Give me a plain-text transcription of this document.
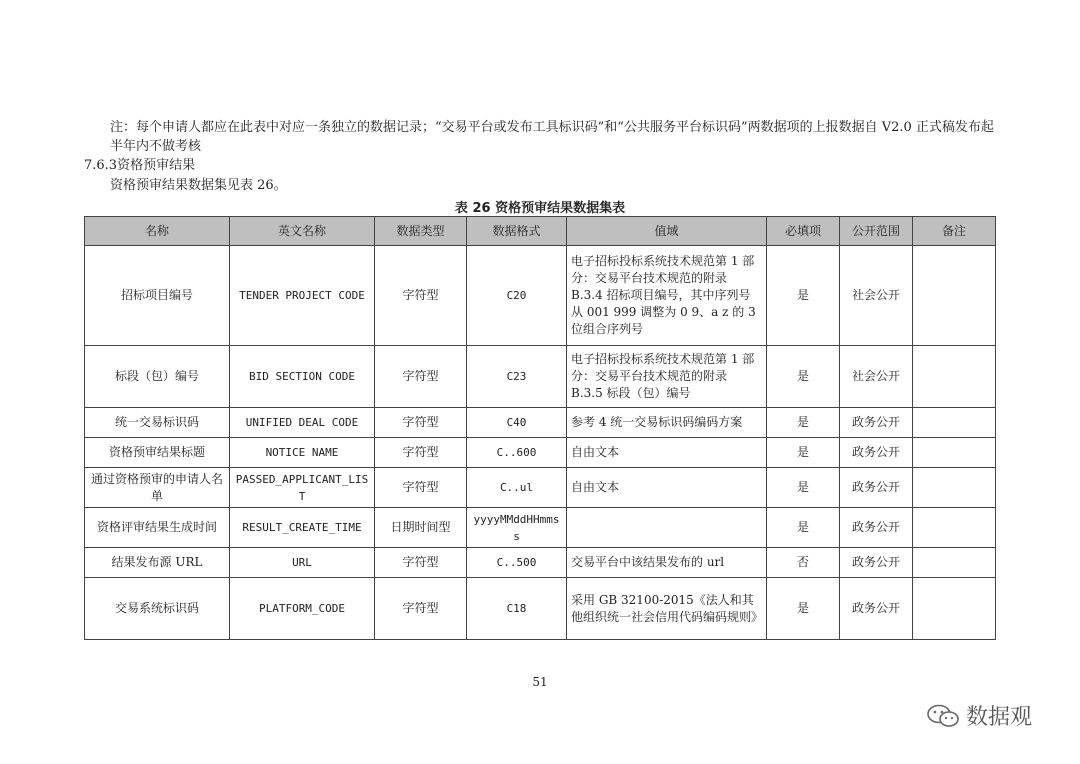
注：每个申请人都应在此表中对应一条独立的数据记录；“交易平台或发布工具标识码”和“公共服务平台标识码”两数据项的上报数据自 V2.0 正式稿发布起半年内不做考核

7.6.3资格预审结果

资格预审结果数据集见表 26。

表 26 资格预审结果数据集表
名称	英文名称	数据类型	数据格式	值域	必填项	公开范围	备注
招标项目编号	TENDER PROJECT CODE	字符型	C20	电子招标投标系统技术规范第 1 部分：交易平台技术规范的附录 B.3.4 招标项目编号，其中序列号从 001 999 调整为 0 9、a z 的 3 位组合序列号	是	社会公开	
标段（包）编号	BID SECTION CODE	字符型	C23	电子招标投标系统技术规范第 1 部分：交易平台技术规范的附录 B.3.5 标段（包）编号	是	社会公开	
统一交易标识码	UNIFIED DEAL CODE	字符型	C40	参考 4 统一交易标识码编码方案	是	政务公开	
资格预审结果标题	NOTICE NAME	字符型	C..600	自由文本	是	政务公开	
通过资格预审的申请人名单	PASSED_APPLICANT_LIST	字符型	C..ul	自由文本	是	政务公开	
资格评审结果生成时间	RESULT_CREATE_TIME	日期时间型	yyyyMMddHHmmss		是	政务公开	
结果发布源 URL	URL	字符型	C..500	交易平台中该结果发布的 url	否	政务公开	
交易系统标识码	PLATFORM_CODE	字符型	C18	采用 GB 32100-2015《法人和其他组织统一社会信用代码编码规则》	是	政务公开	
51
数据观
